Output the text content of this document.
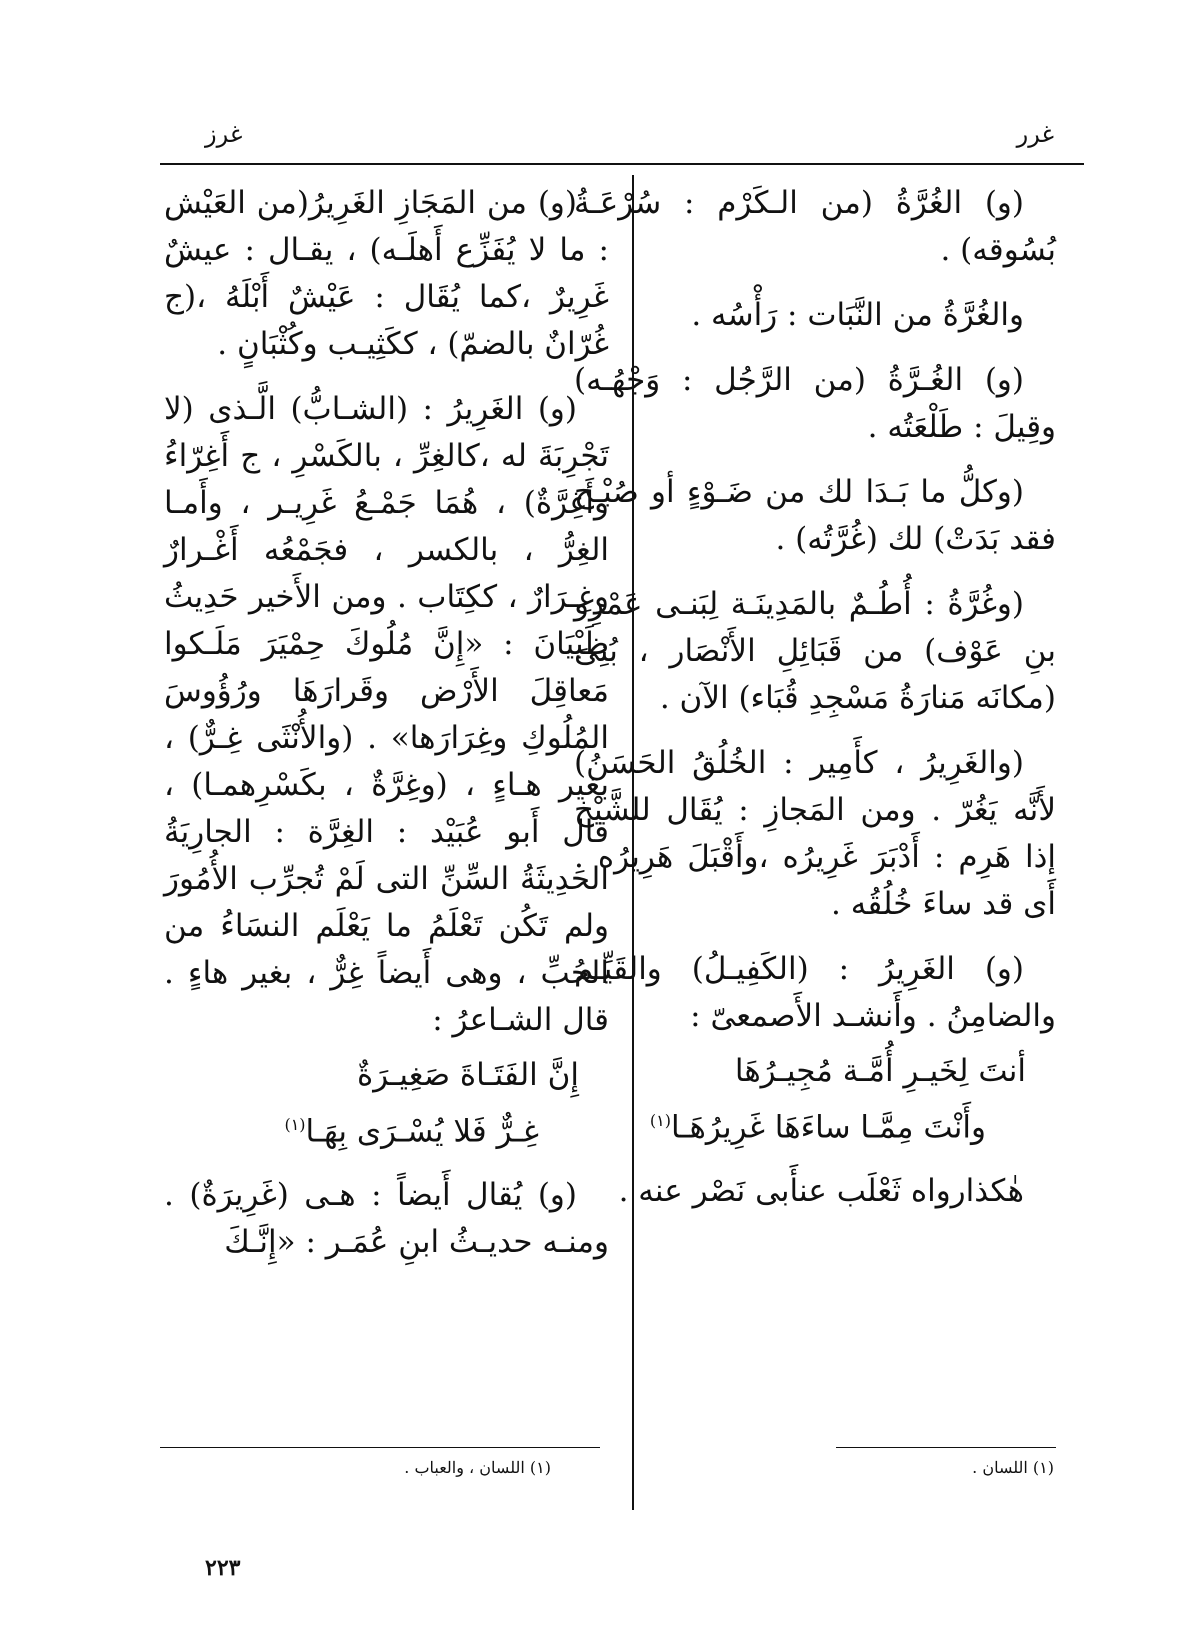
غرر
غرز

(و) الغُرَّةُ (من الـكَرْم : سُرْعَـةُ بُسُوقه) .

والغُرَّةُ من النَّبَات : رَأْسُه .

(و) الغُـرَّةُ (من الرَّجُل : وَجْهُـه) وقِيلَ : طَلْعَتُه .

(وكلُّ ما بَـدَا لك من ضَـوْءٍ أو صُبْـح فقد بَدَتْ) لك (غُرَّتُه) .

(وغُرَّةُ : أُطُـمٌ بالمَدِينَـة لِبَنـى عَمْرِو بنِ عَوْف) من قَبَائِلِ الأَنْصَار ، بُنِىَ (مكانَه مَنارَةُ مَسْجِدِ قُبَاء) الآن .

(والغَرِيرُ ، كأَمِير : الخُلُقُ الحَسَنُ) لأَنَّه يَغُرّ . ومن المَجازِ : يُقَال للشَّيْخ إذا هَرِم : أَدْبَرَ غَرِيرُه ،وأَقْبَلَ هَرِيرُه . أَى قد ساءَ خُلُقُه .

(و) الغَرِيرُ : (الكَفِيـلُ) والقَيِّـم والضامِنُ . وأَنشـد الأَصمعىّ :

أنتَ لِخَيـرِ أُمَّـة مُجِيـرُهَا
وأَنْتَ مِمَّـا ساءَهَا غَرِيرُهَـا$^{(١)}$

هٰكذارواه ثَعْلَب عنأَبى نَصْر عنه .

(و) من المَجَازِ الغَرِيرُ(من العَيْش : ما لا يُفَزِّع أَهلَـه) ، يقـال : عيشٌ غَرِيرٌ ،كما يُقَال : عَيْشٌ أَبْلَهُ ،(ج غُرّانٌ بالضمّ) ، ككَثِيـب وكُثْبَانٍ .

(و) الغَرِيرُ : (الشـابُّ) الَّـذى (لا تَجْرِبَةَ له ،كالغِرِّ ، بالكَسْرِ ، ج أَغِرّاءُ وأَغِرَّةٌ) ، هُمَا جَمْـعُ غَرِيـر ، وأَمـا الغِرُّ ، بالكسر ، فجَمْعُه أَغْـرارٌ وغِـرَارٌ ، ككِتَاب . ومن الأَخير حَدِيثُ ظَبْيَانَ : «إِنَّ مُلُوكَ حِمْيَرَ مَلَـكوا مَعاقِلَ الأَرْض وقَرارَهَا ورُؤُوسَ المُلُوكِ وغِرَارَها» . (والأُنْثَى غِـرٌّ) ، بغير هـاءٍ ، (وغِرَّةٌ ، بكَسْرِهمـا) ، قال أَبو عُبَيْد : الغِرَّة : الجارِيَةُ الحَدِيثَةُ السِّنِّ التى لَمْ تُجرِّب الأُمُورَ ولم تَكُن تَعْلَمُ ما يَعْلَم النسَاءُ من الحُبِّ ، وهى أَيضاً غِرٌّ ، بغير هاءٍ . قال الشـاعرُ :

إِنَّ الفَتَـاةَ صَغِيـرَةٌ
غِـرٌّ فَلا يُسْـرَى بِهَـا$^{(١)}$

(و) يُقال أَيضاً : هـى (غَرِيرَةٌ) . ومنـه حديـثُ ابنِ عُمَـر : «إِنَّـكَ

(١) اللسان .
(١) اللسان ، والعباب .
٢٢٣
